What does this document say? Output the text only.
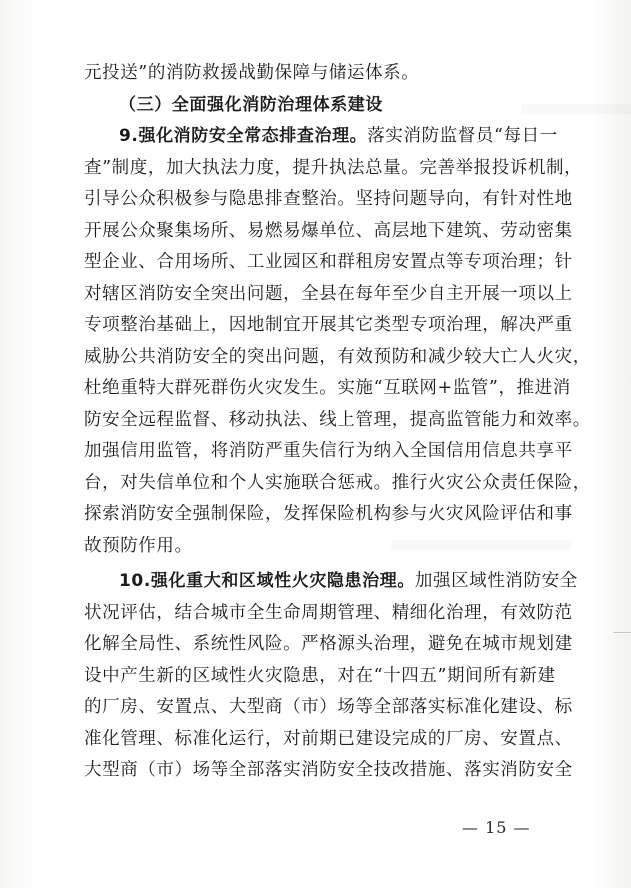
元投送”的消防救援战勤保障与储运体系。
（三）全面强化消防治理体系建设
9.强化消防安全常态排查治理。落实消防监督员“每日一
查”制度，加大执法力度，提升执法总量。完善举报投诉机制，
引导公众积极参与隐患排查整治。坚持问题导向，有针对性地
开展公众聚集场所、易燃易爆单位、高层地下建筑、劳动密集
型企业、合用场所、工业园区和群租房安置点等专项治理；针
对辖区消防安全突出问题，全县在每年至少自主开展一项以上
专项整治基础上，因地制宜开展其它类型专项治理，解决严重
威胁公共消防安全的突出问题，有效预防和减少较大亡人火灾，
杜绝重特大群死群伤火灾发生。实施“互联网+监管”，推进消
防安全远程监督、移动执法、线上管理，提高监管能力和效率。
加强信用监管，将消防严重失信行为纳入全国信用信息共享平
台，对失信单位和个人实施联合惩戒。推行火灾公众责任保险，
探索消防安全强制保险，发挥保险机构参与火灾风险评估和事
故预防作用。
10.强化重大和区域性火灾隐患治理。加强区域性消防安全
状况评估，结合城市全生命周期管理、精细化治理，有效防范
化解全局性、系统性风险。严格源头治理，避免在城市规划建
设中产生新的区域性火灾隐患，对在“十四五”期间所有新建
的厂房、安置点、大型商（市）场等全部落实标准化建设、标
准化管理、标准化运行，对前期已建设完成的厂房、安置点、
大型商（市）场等全部落实消防安全技改措施、落实消防安全
— 15 —
